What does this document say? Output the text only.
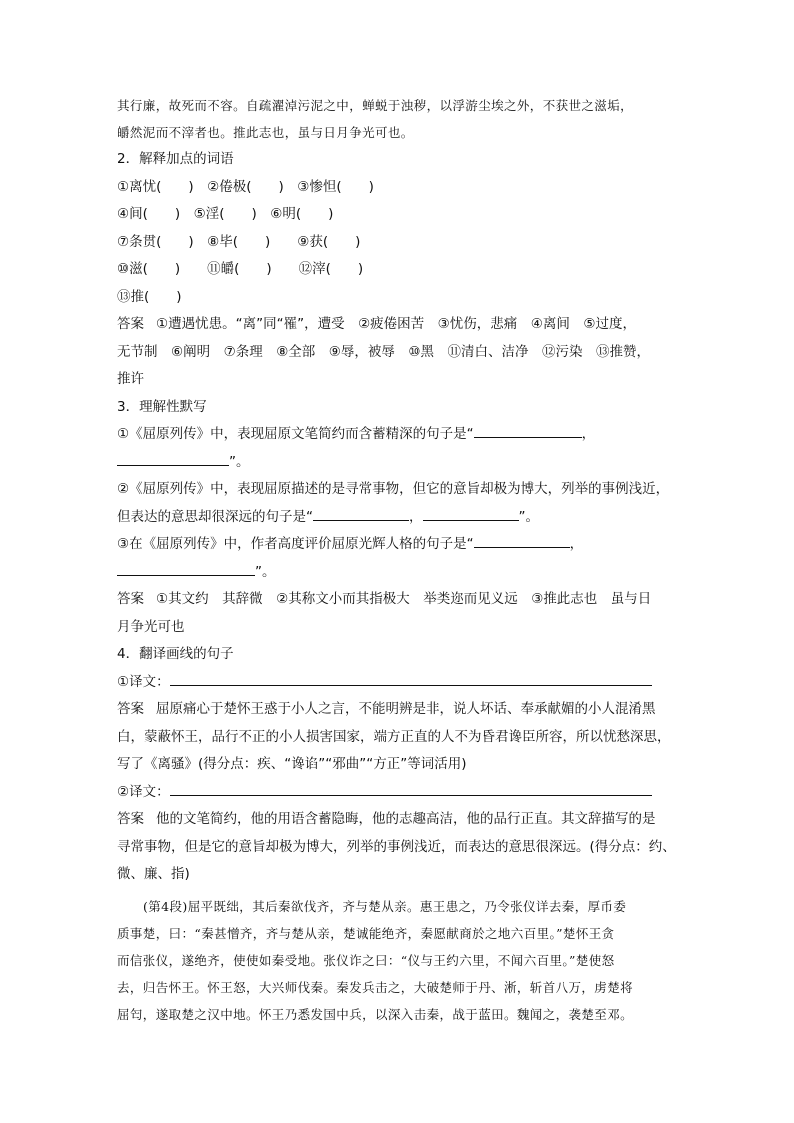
其行廉，故死而不容。自疏濯淖污泥之中，蝉蜕于浊秽，以浮游尘埃之外，不获世之滋垢，
皭然泥而不滓者也。推此志也，虽与日月争光可也。
2．解释加点的词语
①离忧(　　)　②倦极(　　)　③惨怛(　　)
④间(　　)　⑤淫(　　)　⑥明(　　)
⑦条贯(　　)　⑧毕(　　)　　⑨获(　　)
⑩滋(　　)　　⑪皭(　　)　　⑫滓(　　)
⑬推(　　)
答案 ①遭遇忧患。“离”同“罹”，遭受　②疲倦困苦　③忧伤，悲痛　④离间　⑤过度，
无节制　⑥阐明　⑦条理　⑧全部　⑨辱，被辱　⑩黑　⑪清白、洁净　⑫污染　⑬推赞，
推许
3．理解性默写
①《屈原列传》中，表现屈原文笔简约而含蓄精深的句子是“	，
”。
②《屈原列传》中，表现屈原描述的是寻常事物，但它的意旨却极为博大，列举的事例浅近，
但表达的意思却很深远的句子是“	，	”。
③在《屈原列传》中，作者高度评价屈原光辉人格的句子是“	，
”。
答案 ①其文约　其辞微　②其称文小而其指极大　举类迩而见义远　③推此志也　虽与日
月争光可也
4．翻译画线的句子
①译文：
答案 屈原痛心于楚怀王惑于小人之言，不能明辨是非，说人坏话、奉承献媚的小人混淆黑
白，蒙蔽怀王，品行不正的小人损害国家，端方正直的人不为昏君谗臣所容，所以忧愁深思，
写了《离骚》(得分点：疾、“谗谄”“邪曲”“方正”等词活用)
②译文：
答案 他的文笔简约，他的用语含蓄隐晦，他的志趣高洁，他的品行正直。其文辞描写的是
寻常事物，但是它的意旨却极为博大，列举的事例浅近，而表达的意思很深远。(得分点：约、
微、廉、指)
(第4段)屈平既绌，其后秦欲伐齐，齐与楚从亲。惠王患之，乃令张仪详去秦，厚币委
质事楚，曰：“秦甚憎齐，齐与楚从亲，楚诚能绝齐，秦愿献商於之地六百里。”楚怀王贪
而信张仪，遂绝齐，使使如秦受地。张仪诈之曰：“仪与王约六里，不闻六百里。”楚使怒
去，归告怀王。怀王怒，大兴师伐秦。秦发兵击之，大破楚师于丹、淅，斩首八万，虏楚将
屈匄，遂取楚之汉中地。怀王乃悉发国中兵，以深入击秦，战于蓝田。魏闻之，袭楚至邓。
